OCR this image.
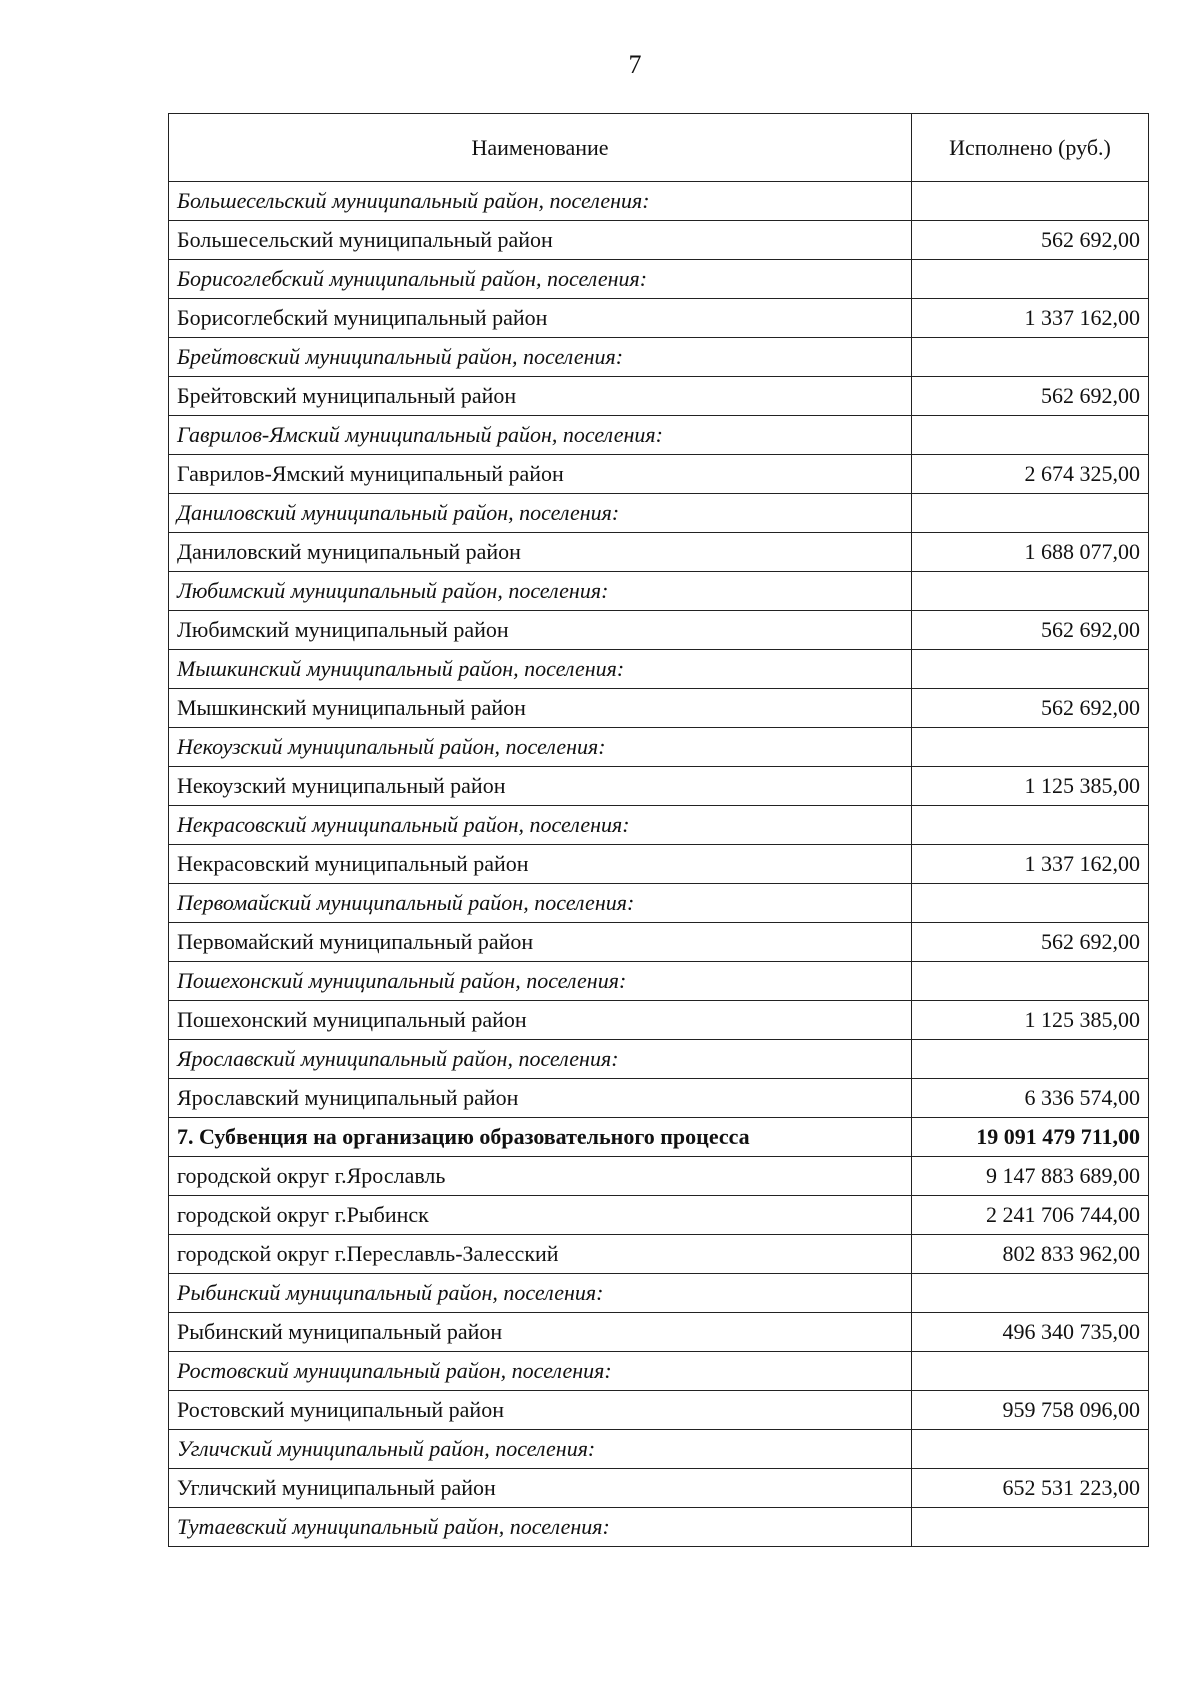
7
Наименование	Исполнено (руб.)
Большесельский муниципальный район, поселения:	
Большесельский муниципальный район	562 692,00
Борисоглебский муниципальный район, поселения:	
Борисоглебский муниципальный район	1 337 162,00
Брейтовский муниципальный район, поселения:	
Брейтовский муниципальный район	562 692,00
Гаврилов-Ямский муниципальный район, поселения:	
Гаврилов-Ямский муниципальный район	2 674 325,00
Даниловский муниципальный район, поселения:	
Даниловский муниципальный район	1 688 077,00
Любимский муниципальный район, поселения:	
Любимский муниципальный район	562 692,00
Мышкинский муниципальный район, поселения:	
Мышкинский муниципальный район	562 692,00
Некоузский муниципальный район, поселения:	
Некоузский муниципальный район	1 125 385,00
Некрасовский муниципальный район, поселения:	
Некрасовский муниципальный район	1 337 162,00
Первомайский муниципальный район, поселения:	
Первомайский муниципальный район	562 692,00
Пошехонский муниципальный район, поселения:	
Пошехонский муниципальный район	1 125 385,00
Ярославский муниципальный район, поселения:	
Ярославский муниципальный район	6 336 574,00
7. Субвенция на организацию образовательного процесса	19 091 479 711,00
городской округ г.Ярославль	9 147 883 689,00
городской округ г.Рыбинск	2 241 706 744,00
городской округ г.Переславль-Залесский	802 833 962,00
Рыбинский муниципальный район, поселения:	
Рыбинский муниципальный район	496 340 735,00
Ростовский муниципальный район, поселения:	
Ростовский муниципальный район	959 758 096,00
Угличский муниципальный район, поселения:	
Угличский муниципальный район	652 531 223,00
Тутаевский муниципальный район, поселения:	
